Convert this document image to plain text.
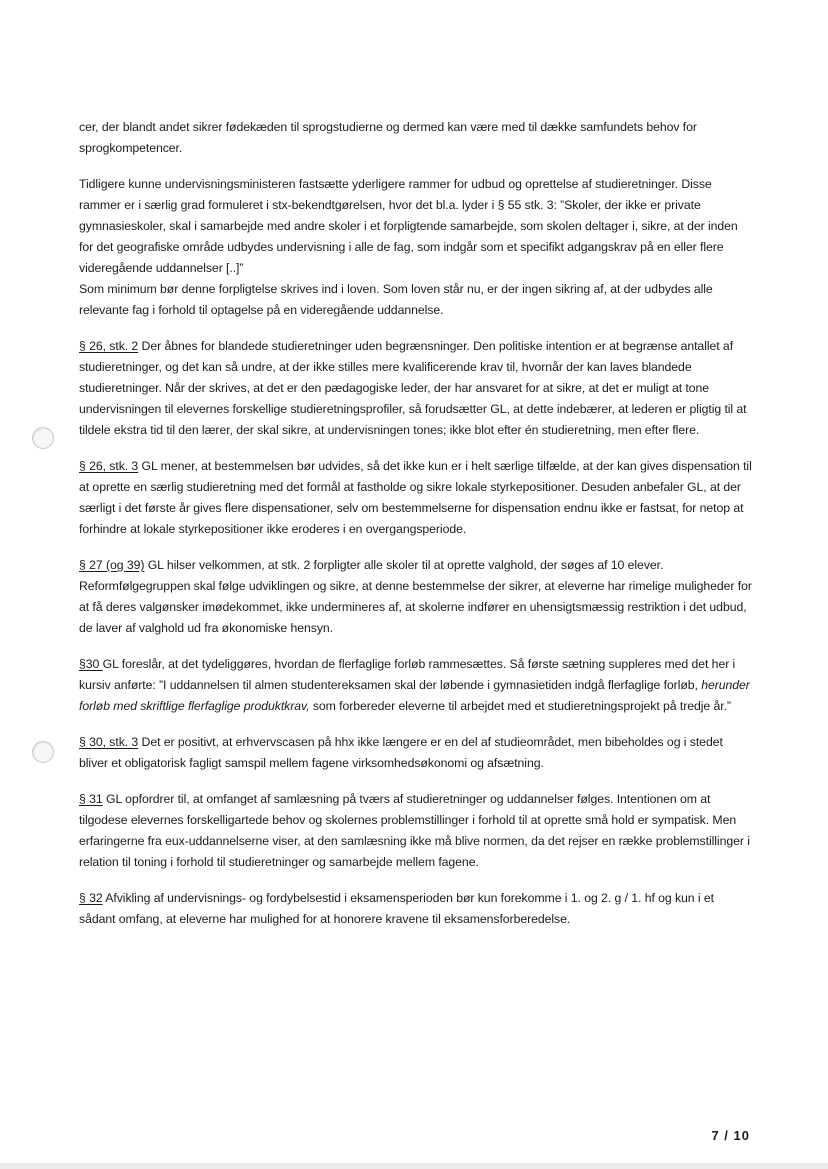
cer, der blandt andet sikrer fødekæden til sprogstudierne og dermed kan være med til dække samfundets behov for sprogkompetencer.

Tidligere kunne undervisningsministeren fastsætte yderligere rammer for udbud og oprettelse af studieretninger. Disse rammer er i særlig grad formuleret i stx-bekendtgørelsen, hvor det bl.a. lyder i § 55 stk. 3: ”Skoler, der ikke er private gymnasieskoler, skal i samarbejde med andre skoler i et forpligtende samarbejde, som skolen deltager i, sikre, at der inden for det geografiske område udbydes undervisning i alle de fag, som indgår som et specifikt adgangskrav på en eller flere videregående uddannelser [..]”

Som minimum bør denne forpligtelse skrives ind i loven. Som loven står nu, er der ingen sikring af, at der udbydes alle relevante fag i forhold til optagelse på en videregående uddannelse.

§ 26, stk. 2 Der åbnes for blandede studieretninger uden begrænsninger. Den politiske intention er at begrænse antallet af studieretninger, og det kan så undre, at der ikke stilles mere kvalificerende krav til, hvornår der kan laves blandede studieretninger. Når der skrives, at det er den pædagogiske leder, der har ansvaret for at sikre, at det er muligt at tone undervisningen til elevernes forskellige studieretningsprofiler, så forudsætter GL, at dette indebærer, at lederen er pligtig til at tildele ekstra tid til den lærer, der skal sikre, at undervisningen tones; ikke blot efter én studieretning, men efter flere.

§ 26, stk. 3 GL mener, at bestemmelsen bør udvides, så det ikke kun er i helt særlige tilfælde, at der kan gives dispensation til at oprette en særlig studieretning med det formål at fastholde og sikre lokale styrkepositioner. Desuden anbefaler GL, at der særligt i det første år gives flere dispensationer, selv om bestemmelserne for dispensation endnu ikke er fastsat, for netop at forhindre at lokale styrkepositioner ikke eroderes i en overgangsperiode.

§ 27 (og 39) GL hilser velkommen, at stk. 2 forpligter alle skoler til at oprette valghold, der søges af 10 elever. Reformfølgegruppen skal følge udviklingen og sikre, at denne bestemmelse der sikrer, at eleverne har rimelige muligheder for at få deres valgønsker imødekommet, ikke undermineres af, at skolerne indfører en uhensigtsmæssig restriktion i det udbud, de laver af valghold ud fra økonomiske hensyn.

§30 GL foreslår, at det tydeliggøres, hvordan de flerfaglige forløb rammesættes. Så første sætning suppleres med det her i kursiv anførte: ”I uddannelsen til almen studentereksamen skal der løbende i gymnasietiden indgå flerfaglige forløb, herunder forløb med skriftlige flerfaglige produktkrav, som forbereder eleverne til arbejdet med et studieretningsprojekt på tredje år.”

§ 30, stk. 3 Det er positivt, at erhvervscasen på hhx ikke længere er en del af studieområdet, men bibeholdes og i stedet bliver et obligatorisk fagligt samspil mellem fagene virksomhedsøkonomi og afsætning.

§ 31 GL opfordrer til, at omfanget af samlæsning på tværs af studieretninger og uddannelser følges. Intentionen om at tilgodese elevernes forskelligartede behov og skolernes problemstillinger i forhold til at oprette små hold er sympatisk. Men erfaringerne fra eux-uddannelserne viser, at den samlæsning ikke må blive normen, da det rejser en række problemstillinger i relation til toning i forhold til studieretninger og samarbejde mellem fagene.

§ 32 Afvikling af undervisnings- og fordybelsestid i eksamensperioden bør kun forekomme i 1. og 2. g / 1. hf og kun i et sådant omfang, at eleverne har mulighed for at honorere kravene til eksamensforberedelse.

7 / 10
